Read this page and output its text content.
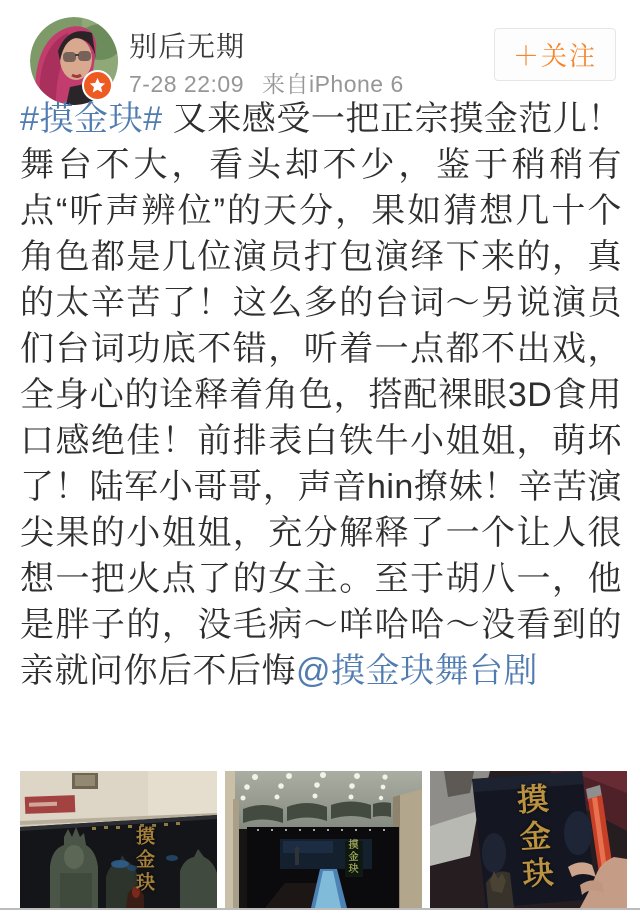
别后无期
7-28 22:09 来自iPhone 6
＋关注

#摸金玦# 又来感受一把正宗摸金范儿！舞台不大，看头却不少，鉴于稍稍有点“听声辨位”的天分，果如猜想几十个角色都是几位演员打包演绎下来的，真的太辛苦了！这么多的台词～另说演员们台词功底不错，听着一点都不出戏，全身心的诠释着角色，搭配裸眼3D食用口感绝佳！前排表白铁牛小姐姐，萌坏了！陆军小哥哥，声音hin撩妹！辛苦演尖果的小姐姐，充分解释了一个让人很想一把火点了的女主。至于胡八一，他是胖子的，没毛病～咩哈哈～没看到的亲就问你后不后悔@摸金玦舞台剧

摸金玦	摸金玦	摸金玦
